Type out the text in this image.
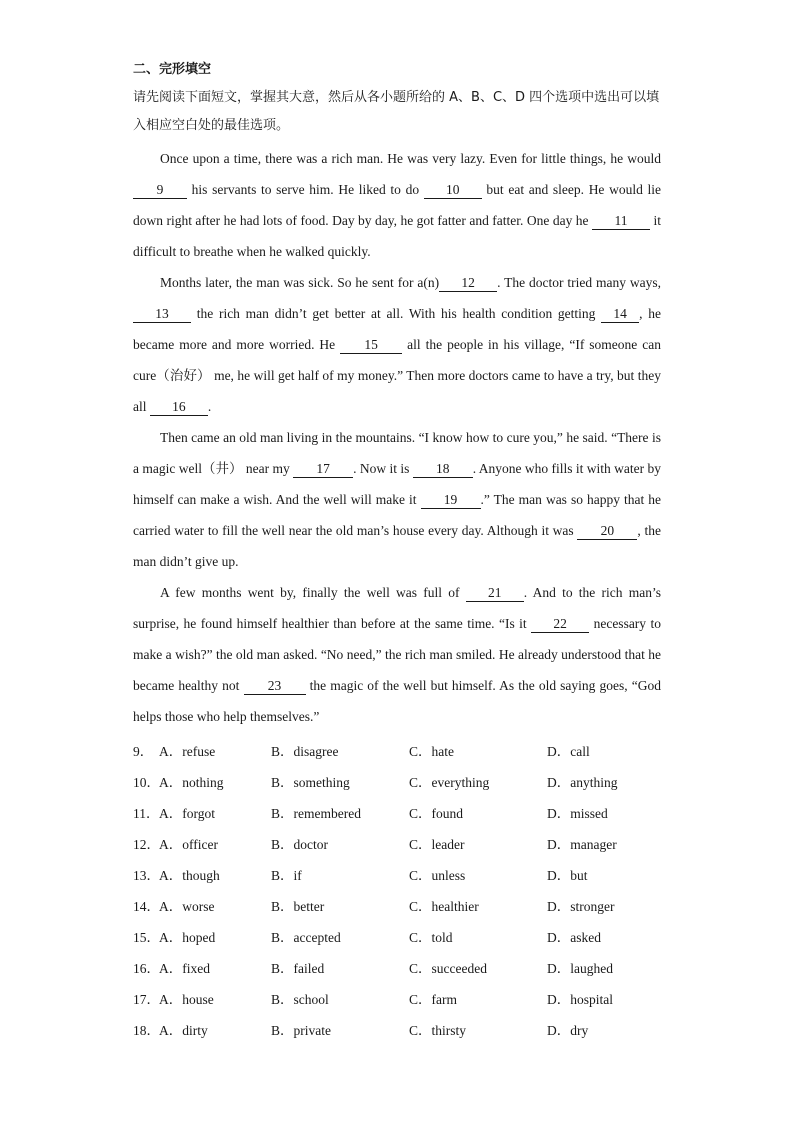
二、完形填空
请先阅读下面短文，掌握其大意，然后从各小题所给的 A、B、C、D 四个选项中选出可以填入相应空白处的最佳选项。

Once upon a time, there was a rich man. He was very lazy. Even for little things, he would 9 his servants to serve him. He liked to do 10 but eat and sleep. He would lie down right after he had lots of food. Day by day, he got fatter and fatter. One day he 11 it difficult to breathe when he walked quickly.

Months later, the man was sick. So he sent for a(n) 12 . The doctor tried many ways, 13 the rich man didn’t get better at all. With his health condition getting 14 , he became more and more worried. He 15 all the people in his village, “If someone can cure（治好） me, he will get half of my money.” Then more doctors came to have a try, but they all 16 .

Then came an old man living in the mountains. “I know how to cure you,” he said. “There is a magic well（井） near my 17 . Now it is 18 . Anyone who fills it with water by himself can make a wish. And the well will make it 19 .” The man was so happy that he carried water to fill the well near the old man’s house every day. Although it was 20 , the man didn’t give up.

A few months went by, finally the well was full of 21 . And to the rich man’s surprise, he found himself healthier than before at the same time. “Is it 22 necessary to make a wish?” the old man asked. “No need,” the rich man smiled. He already understood that he became healthy not 23 the magic of the well but himself. As the old saying goes, “God helps those who help themselves.”

9． A．refuse	B．disagree	C．hate	D．call
10． A．nothing	B．something	C．everything	D．anything
11． A．forgot	B．remembered	C．found	D．missed
12． A．officer	B．doctor	C．leader	D．manager
13． A．though	B．if	C．unless	D．but
14． A．worse	B．better	C．healthier	D．stronger
15． A．hoped	B．accepted	C．told	D．asked
16． A．fixed	B．failed	C．succeeded	D．laughed
17． A．house	B．school	C．farm	D．hospital
18． A．dirty	B．private	C．thirsty	D．dry
